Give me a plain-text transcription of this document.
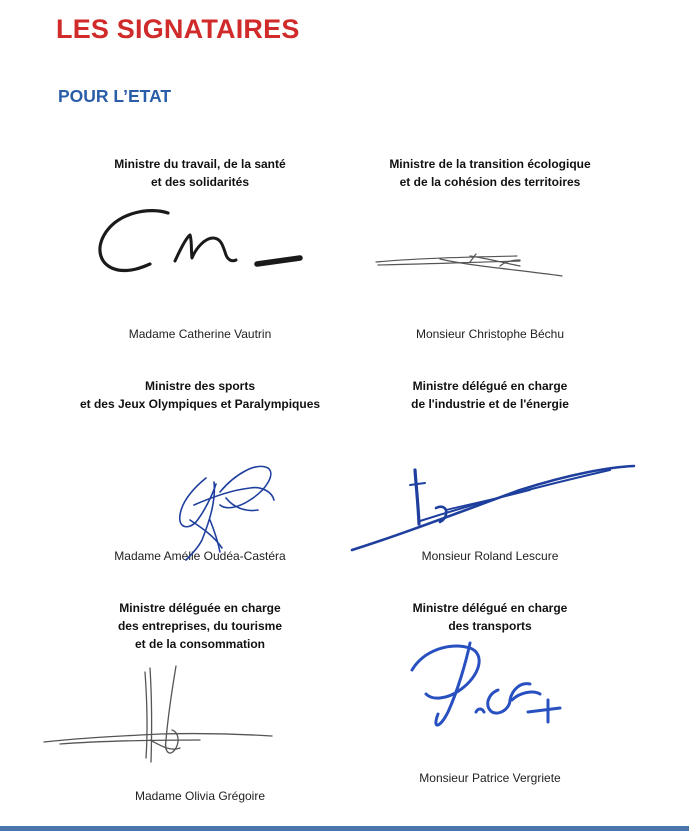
LES SIGNATAIRES
POUR L’ETAT
Ministre du travail, de la santé
et des solidarités
Ministre de la transition écologique
et de la cohésion des territoires
Madame Catherine Vautrin	Monsieur Christophe Béchu
Ministre des sports
et des Jeux Olympiques et Paralympiques
Ministre délégué en charge
de l'industrie et de l'énergie
Madame Amélie Oudéa-Castéra	Monsieur Roland Lescure
Ministre déléguée en charge
des entreprises, du tourisme
et de la consommation
Ministre délégué en charge
des transports
Madame Olivia Grégoire
Monsieur Patrice Vergriete
